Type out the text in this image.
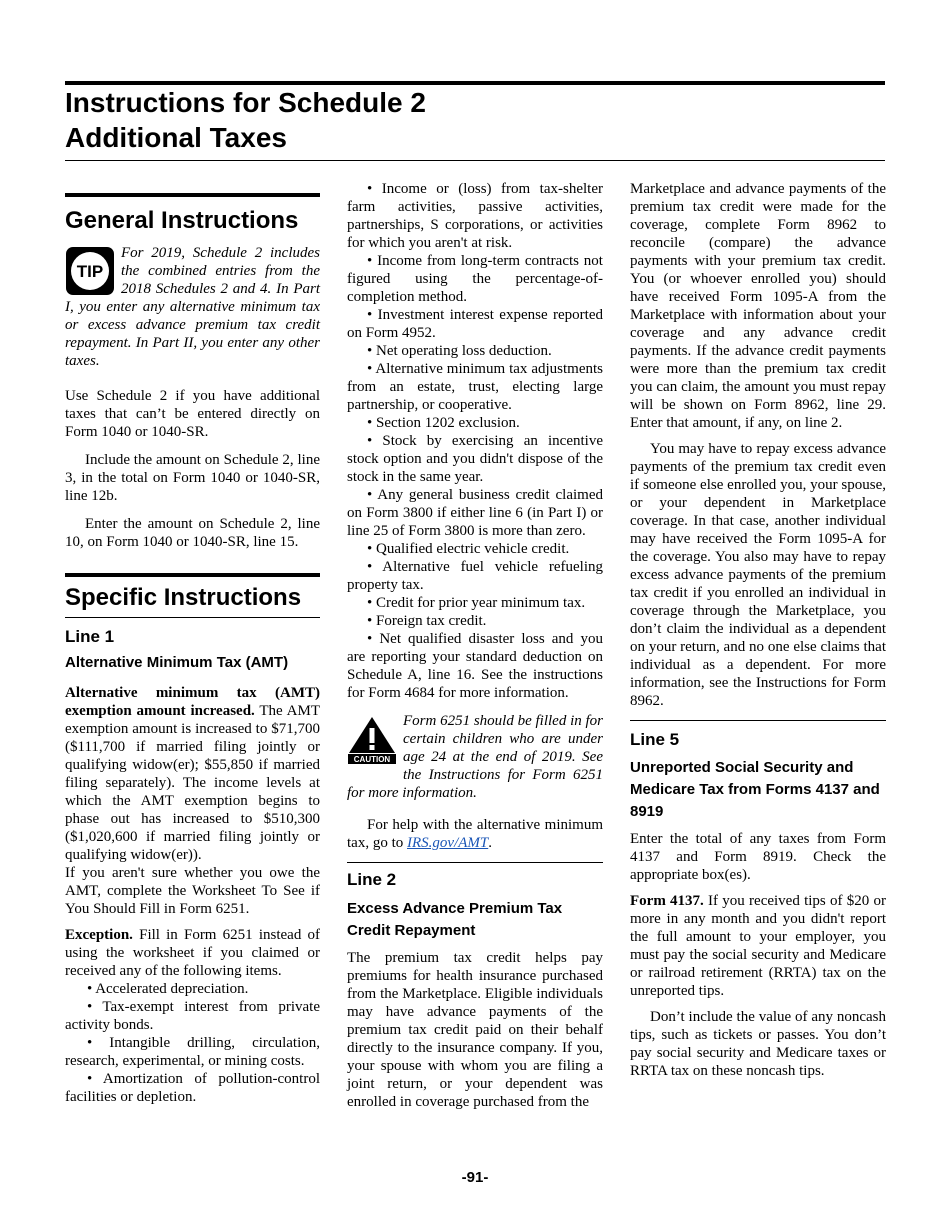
Instructions for Schedule 2
Additional Taxes
General Instructions
TIP

For 2019, Schedule 2 includes the combined entries from the 2018 Schedules 2 and 4. In Part I, you enter any alternative minimum tax or excess advance premium tax credit repayment. In Part II, you enter any other taxes.

Use Schedule 2 if you have additional taxes that can’t be entered directly on Form 1040 or 1040-SR.

Include the amount on Schedule 2, line 3, in the total on Form 1040 or 1040-SR, line 12b.

Enter the amount on Schedule 2, line 10, on Form 1040 or 1040-SR, line 15.

Specific Instructions
Line 1
Alternative Minimum Tax (AMT)

Alternative minimum tax (AMT) exemption amount increased. The AMT exemption amount is increased to $71,700 ($111,700 if married filing jointly or qualifying widow(er); $55,850 if married filing separately). The income levels at which the AMT exemption begins to phase out has increased to $510,300 ($1,020,600 if married filing jointly or qualifying widow(er)).

If you aren't sure whether you owe the AMT, complete the Worksheet To See if You Should Fill in Form 6251.

Exception. Fill in Form 6251 instead of using the worksheet if you claimed or received any of the following items.

• Accelerated depreciation.

• Tax-exempt interest from private activity bonds.

• Intangible drilling, circulation, research, experimental, or mining costs.

• Amortization of pollution-control facilities or depletion.

• Income or (loss) from tax-shelter farm activities, passive activities, partnerships, S corporations, or activities for which you aren't at risk.

• Income from long-term contracts not figured using the percentage-of-completion method.

• Investment interest expense reported on Form 4952.

• Net operating loss deduction.

• Alternative minimum tax adjustments from an estate, trust, electing large partnership, or cooperative.

• Section 1202 exclusion.

• Stock by exercising an incentive stock option and you didn't dispose of the stock in the same year.

• Any general business credit claimed on Form 3800 if either line 6 (in Part I) or line 25 of Form 3800 is more than zero.

• Qualified electric vehicle credit.

• Alternative fuel vehicle refueling property tax.

• Credit for prior year minimum tax.

• Foreign tax credit.

• Net qualified disaster loss and you are reporting your standard deduction on Schedule A, line 16. See the instructions for Form 4684 for more information.

CAUTION

Form 6251 should be filled in for certain children who are under age 24 at the end of 2019. See the Instructions for Form 6251 for more information.

For help with the alternative minimum tax, go to IRS.gov/AMT.

Line 2
Excess Advance Premium Tax Credit Repayment

The premium tax credit helps pay premiums for health insurance purchased from the Marketplace. Eligible individuals may have advance payments of the premium tax credit paid on their behalf directly to the insurance company. If you, your spouse with whom you are filing a joint return, or your dependent was enrolled in coverage purchased from the

Marketplace and advance payments of the premium tax credit were made for the coverage, complete Form 8962 to reconcile (compare) the advance payments with your premium tax credit. You (or whoever enrolled you) should have received Form 1095-A from the Marketplace with information about your coverage and any advance credit payments. If the advance credit payments were more than the premium tax credit you can claim, the amount you must repay will be shown on Form 8962, line 29. Enter that amount, if any, on line 2.

You may have to repay excess advance payments of the premium tax credit even if someone else enrolled you, your spouse, or your dependent in Marketplace coverage. In that case, another individual may have received the Form 1095-A for the coverage. You also may have to repay excess advance payments of the premium tax credit if you enrolled an individual in coverage through the Marketplace, you don’t claim the individual as a dependent on your return, and no one else claims that individual as a dependent. For more information, see the Instructions for Form 8962.

Line 5
Unreported Social Security and Medicare Tax from Forms 4137 and 8919

Enter the total of any taxes from Form 4137 and Form 8919. Check the appropriate box(es).

Form 4137. If you received tips of $20 or more in any month and you didn't report the full amount to your employer, you must pay the social security and Medicare or railroad retirement (RRTA) tax on the unreported tips.

Don’t include the value of any noncash tips, such as tickets or passes. You don’t pay social security and Medicare taxes or RRTA tax on these noncash tips.

-91-
